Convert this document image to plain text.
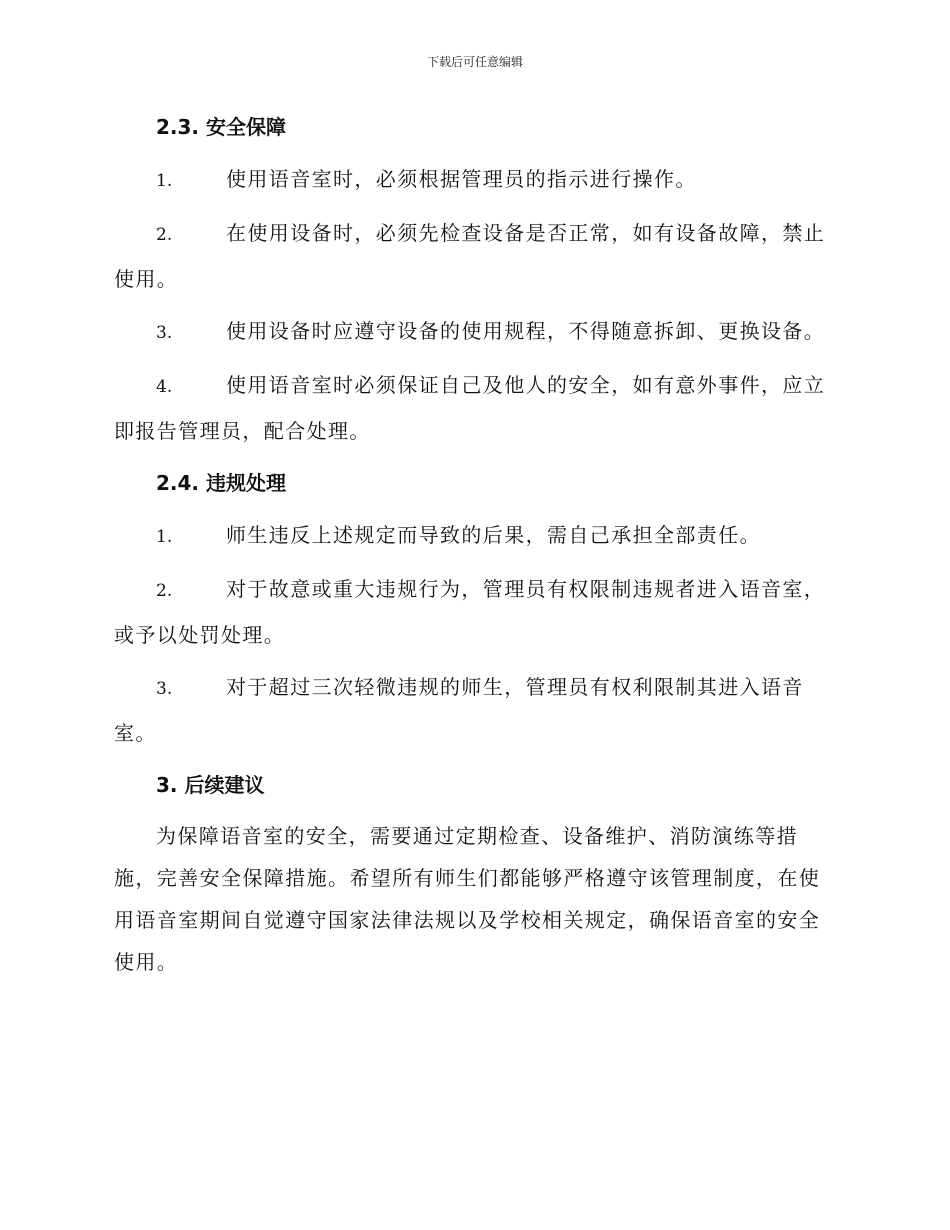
下载后可任意编辑
2.3. 安全保障

1.	使用语音室时，必须根据管理员的指示进行操作。

2.	在使用设备时，必须先检查设备是否正常，如有设备故障，禁止使用。

3.	使用设备时应遵守设备的使用规程，不得随意拆卸、更换设备。

4.	使用语音室时必须保证自己及他人的安全，如有意外事件，应立即报告管理员，配合处理。

2.4. 违规处理

1.	师生违反上述规定而导致的后果，需自己承担全部责任。

2.	对于故意或重大违规行为，管理员有权限制违规者进入语音室，或予以处罚处理。

3.	对于超过三次轻微违规的师生，管理员有权利限制其进入语音室。

3. 后续建议

为保障语音室的安全，需要通过定期检查、设备维护、消防演练等措施，完善安全保障措施。希望所有师生们都能够严格遵守该管理制度，在使用语音室期间自觉遵守国家法律法规以及学校相关规定，确保语音室的安全使用。
